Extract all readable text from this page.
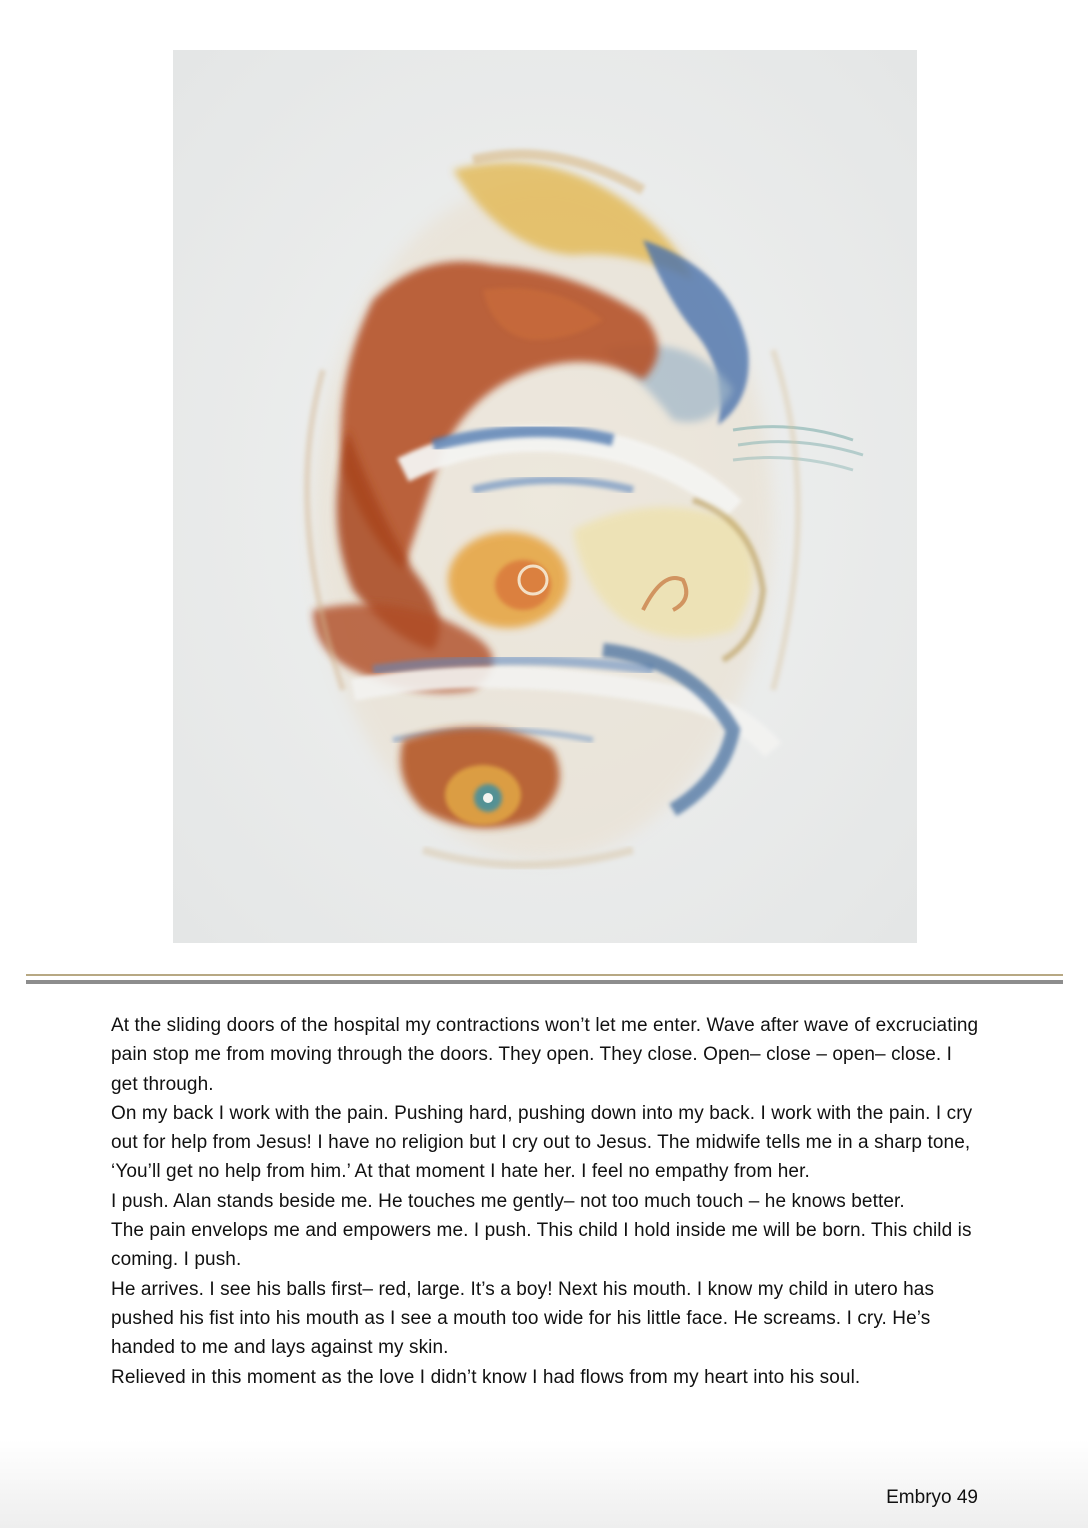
At the sliding doors of the hospital my contractions won’t let me enter. Wave after wave of excruciating pain stop me from moving through the doors. They open. They close. Open– close – open– close. I get through.

On my back I work with the pain. Pushing hard, pushing down into my back. I work with the pain. I cry out for help from Jesus! I have no religion but I cry out to Jesus. The midwife tells me in a sharp tone, ‘You’ll get no help from him.’ At that moment I hate her. I feel no empathy from her.

I push. Alan stands beside me. He touches me gently– not too much touch – he knows better.

The pain envelops me and empowers me. I push. This child I hold inside me will be born. This child is coming. I push.

He arrives. I see his balls first– red, large. It’s a boy! Next his mouth. I know my child in utero has pushed his fist into his mouth as I see a mouth too wide for his little face. He screams. I cry. He’s handed to me and lays against my skin.

Relieved in this moment as the love I didn’t know I had flows from my heart into his soul.

Embryo 49
